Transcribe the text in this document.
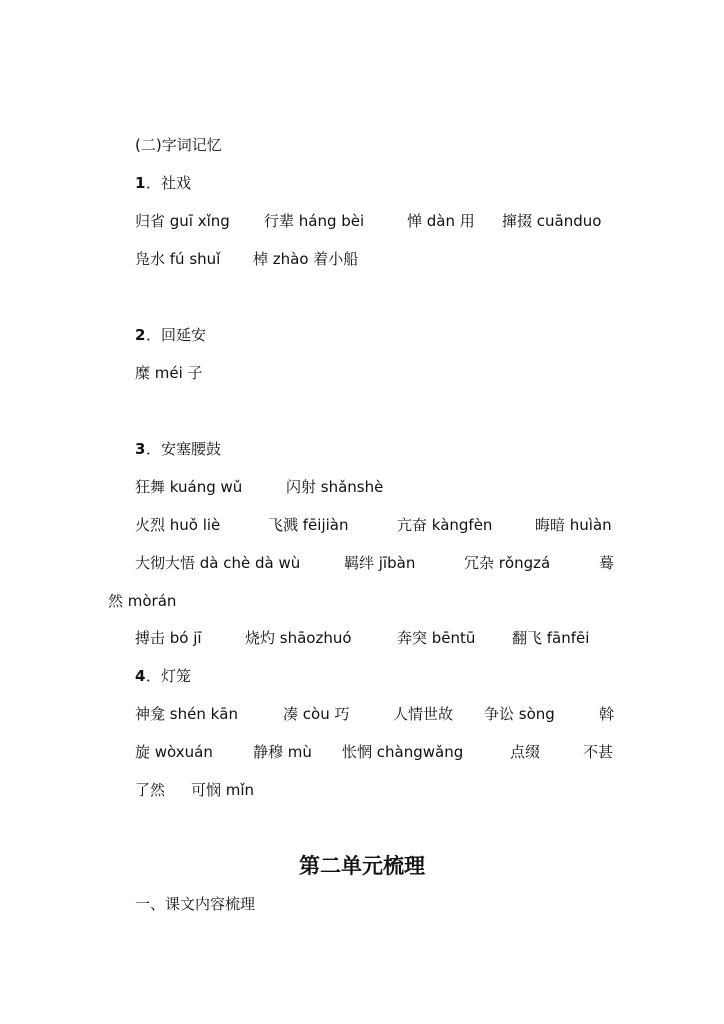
(二)字词记忆
1 ．社戏
归省 guī xǐng 行辈 háng bèi	惮 dàn 用 撺掇 cuānduo
凫水 fú shuǐ 棹 zhào 着小船
2 ．回延安
糜 méi 子
3 ．安塞腰鼓
狂舞 kuáng wǔ	闪射 shǎnshè
火烈 huǒ liè	飞溅 fēijiàn	亢奋 kàngfèn	晦暗 huìàn
大彻大悟 dà chè dà wù	羁绊 jībàn	冗杂 rǒngzá	蓦
然 mòrán
搏击 bó jī	烧灼 shāozhuó	奔突 bēntū 翻飞 fānfēi
4 ．灯笼
神龛 shén kān	凑 còu 巧	人情世故 争讼 sòng	斡
旋 wòxuán	静穆 mù 怅惘 chàngwǎng	点缀	不甚
了然 可悯 mǐn
第二单元梳理
一、课文内容梳理
